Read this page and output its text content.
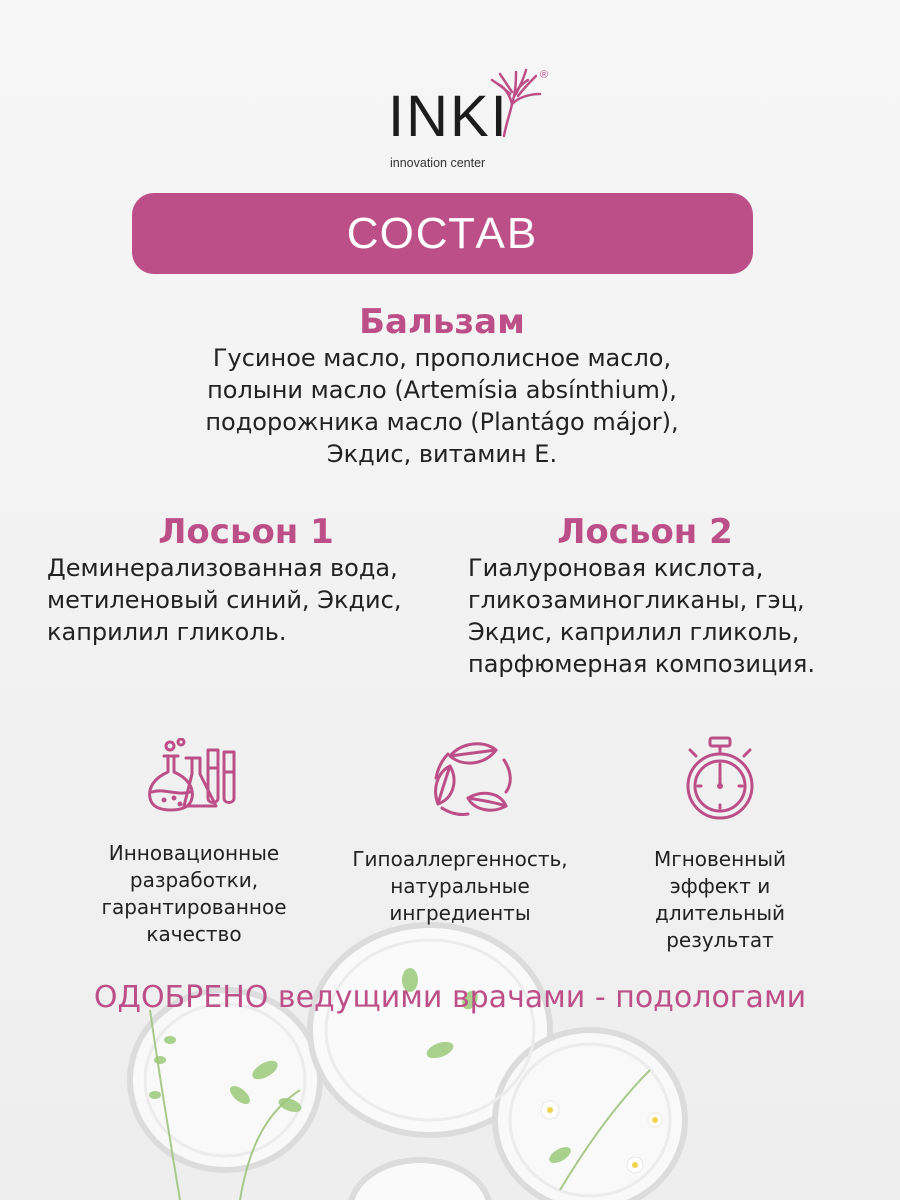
INKI
innovation center
®
СОСТАВ
Бальзам
Гусиное масло, прополисное масло,
полыни масло (Artemísia absínthium),
подорожника масло (Plantágo májor),
Экдис, витамин Е.
Лосьон 1
Деминерализованная вода,
метиленовый синий, Экдис,
каприлил гликоль.
Лосьон 2
Гиалуроновая кислота,
гликозаминогликаны, гэц,
Экдис, каприлил гликоль,
парфюмерная композиция.
Инновационные
разработки,
гарантированное
качество
Гипоаллергенность,
натуральные
ингредиенты
Мгновенный
эффект и
длительный
результат
ОДОБРЕНО ведущими врачами - подологами
